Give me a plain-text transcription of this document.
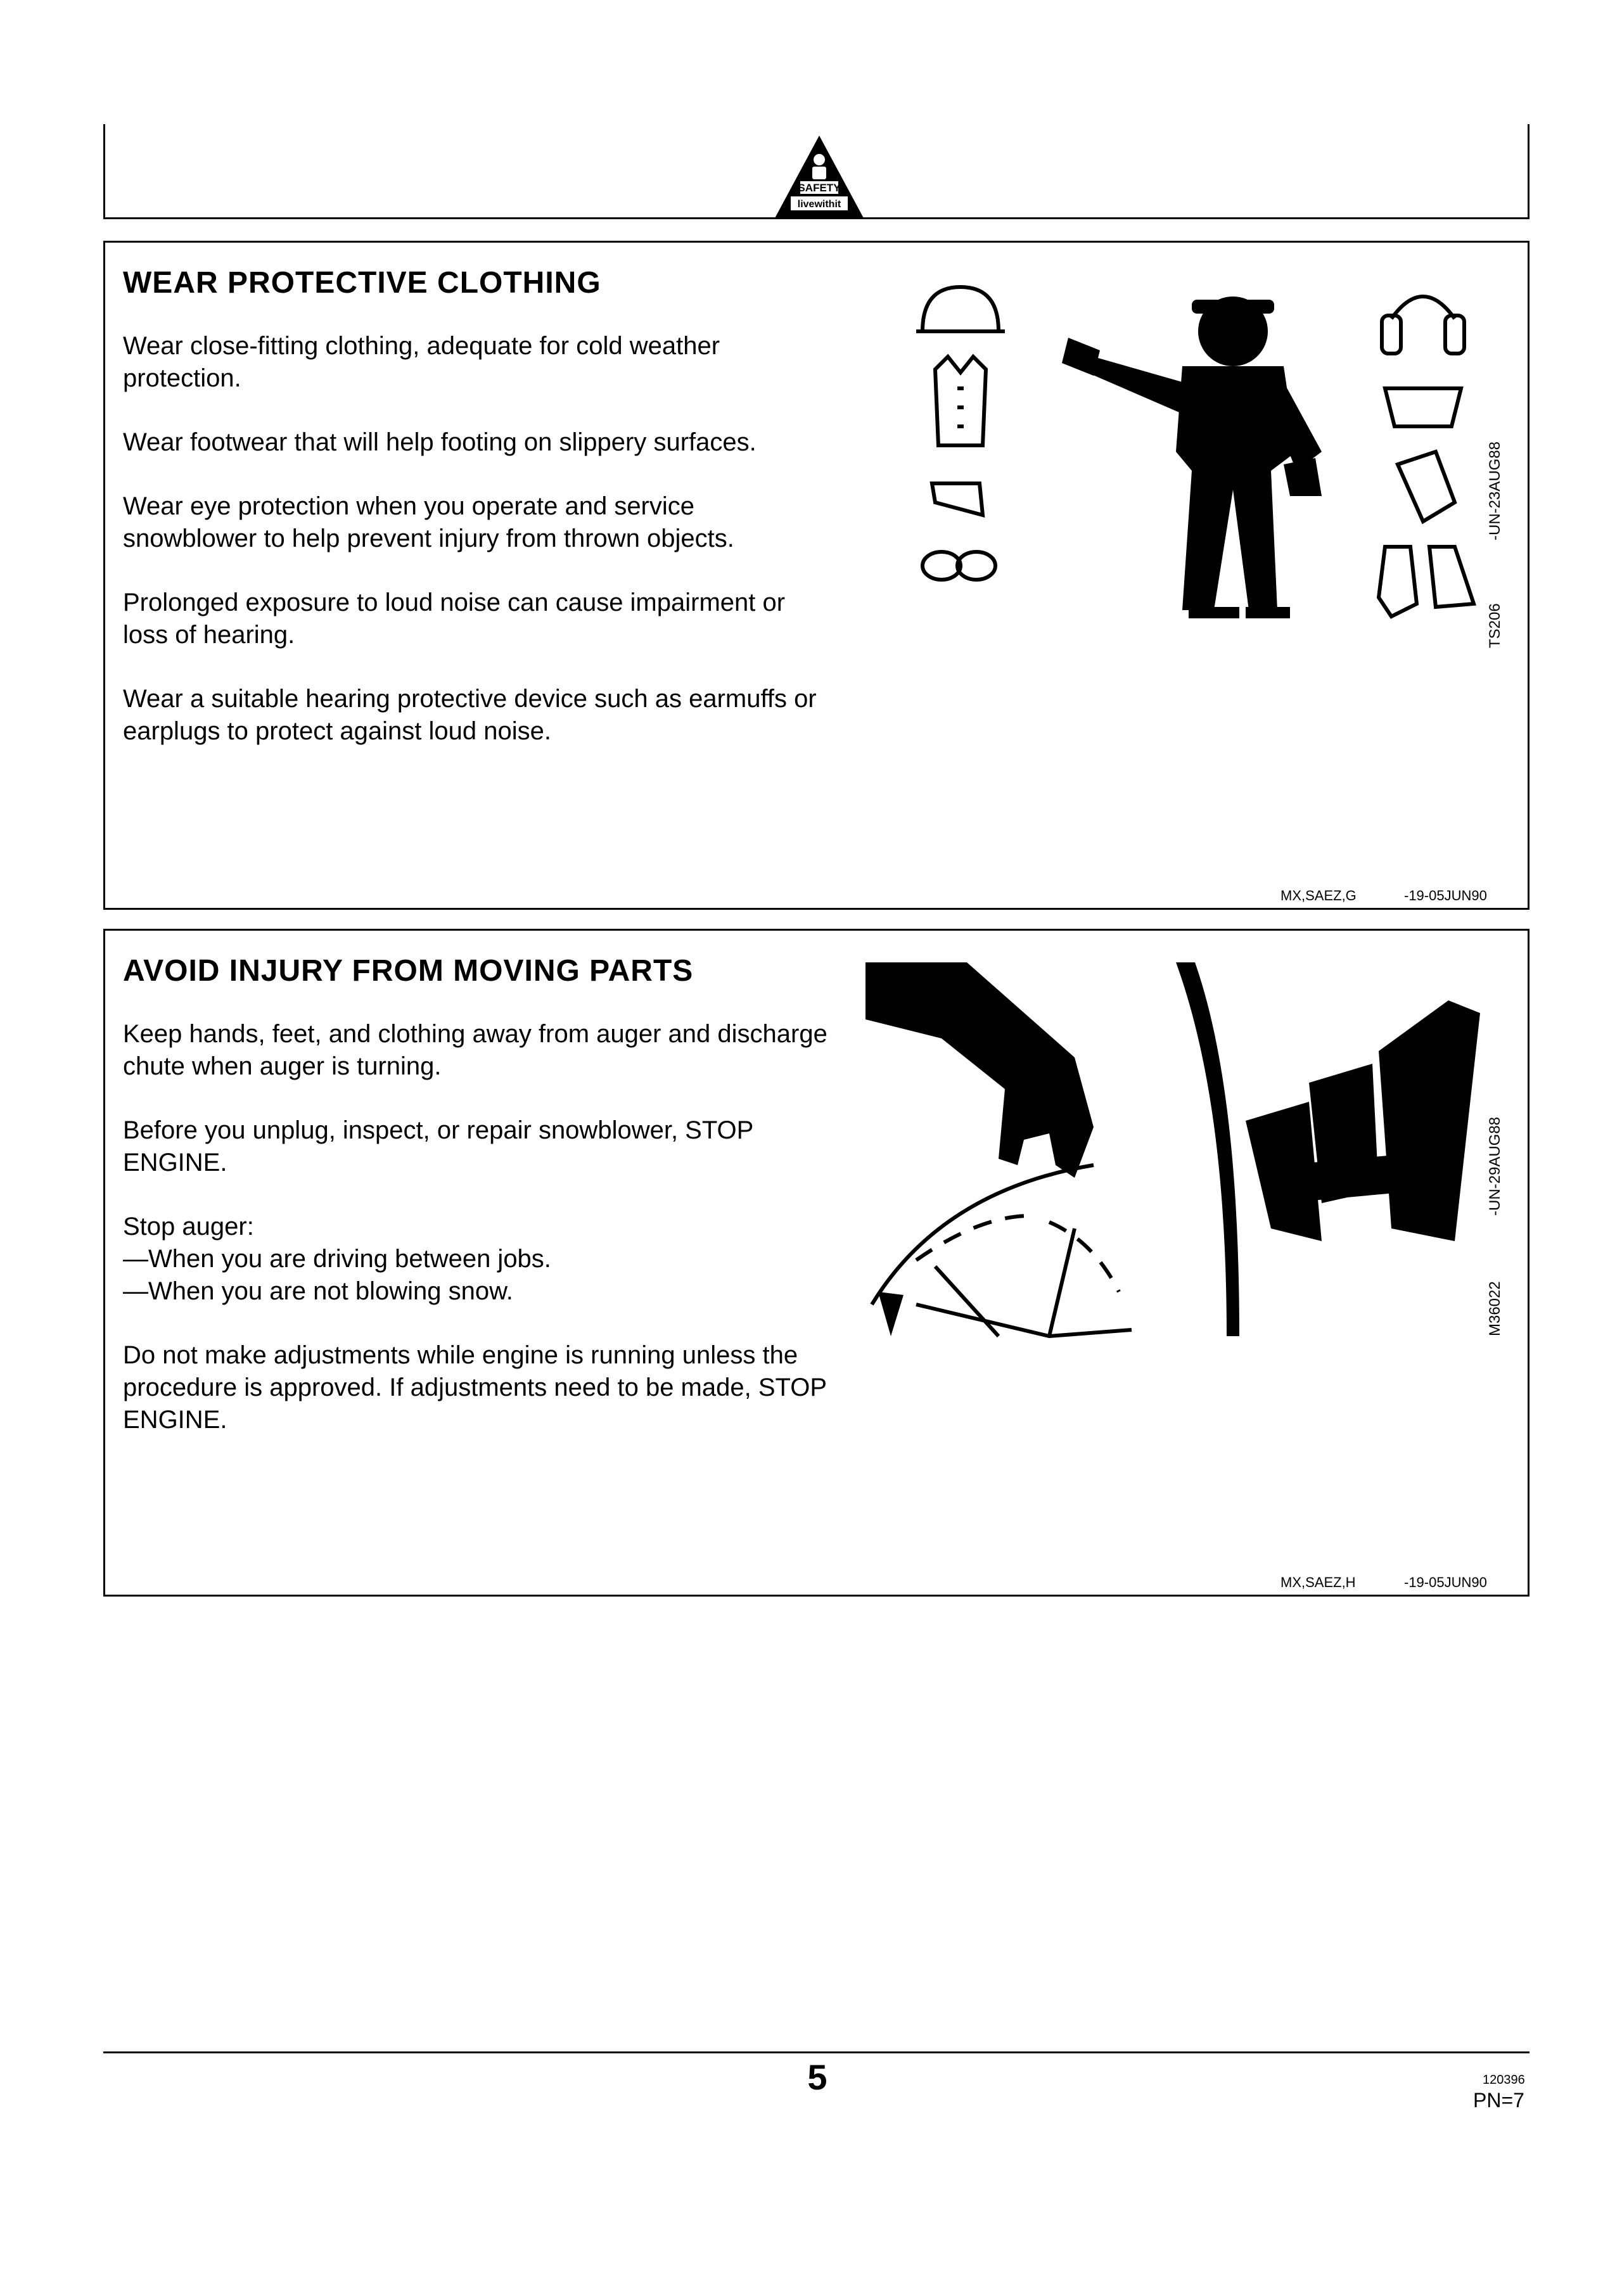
SAFETY
livewithit
WEAR PROTECTIVE CLOTHING

Wear close-fitting clothing, adequate for cold weather protection.

Wear footwear that will help footing on slippery surfaces.

Wear eye protection when you operate and service snowblower to help prevent injury from thrown objects.

Prolonged exposure to loud noise can cause impairment or loss of hearing.

Wear a suitable hearing protective device such as earmuffs or earplugs to protect against loud noise.

TS206
-UN-23AUG88
MX,SAEZ,G	-19-05JUN90
AVOID INJURY FROM MOVING PARTS

Keep hands, feet, and clothing away from auger and discharge chute when auger is turning.

Before you unplug, inspect, or repair snowblower, STOP ENGINE.

Stop auger:

—When you are driving between jobs.

—When you are not blowing snow.

Do not make adjustments while engine is running unless the procedure is approved. If adjustments need to be made, STOP ENGINE.

M36022
-UN-29AUG88
MX,SAEZ,H	-19-05JUN90
5	120396
PN=7
